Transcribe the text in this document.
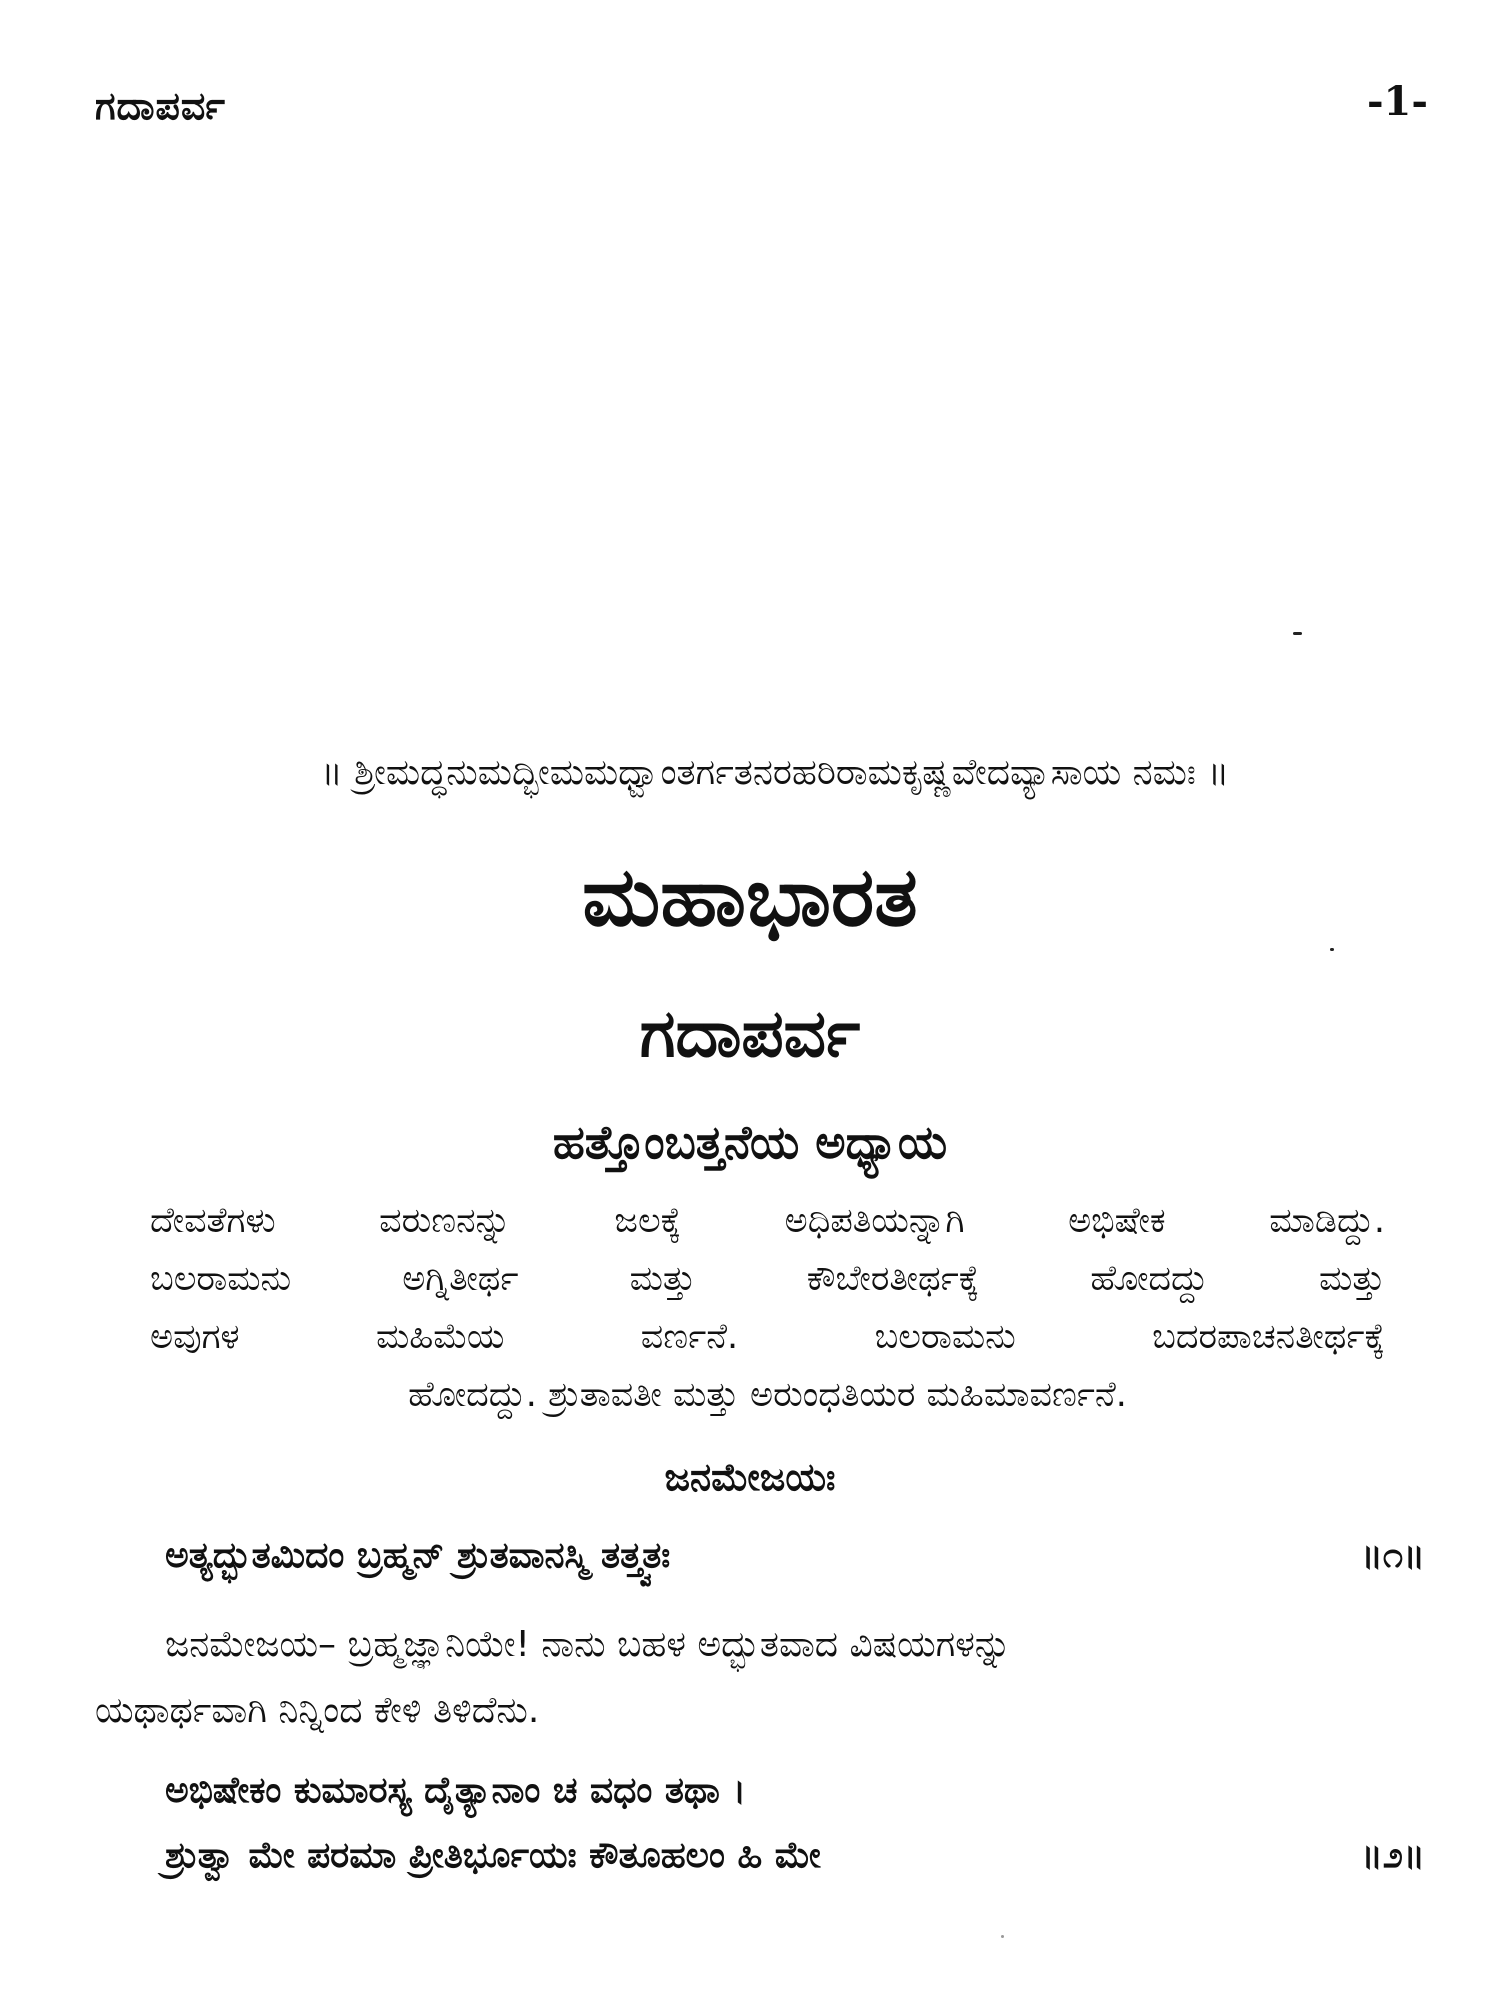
ಗದಾಪರ್ವ	-1-
॥ ಶ್ರೀಮದ್ಧನುಮದ್ಭೀಮಮಧ್ವಾಂತರ್ಗತನರಹರಿರಾಮಕೃಷ್ಣವೇದವ್ಯಾಸಾಯ ನಮಃ ॥
ಮಹಾಭಾರತ
ಗದಾಪರ್ವ
ಹತ್ತೊಂಬತ್ತನೆಯ ಅಧ್ಯಾಯ
ದೇವತೆಗಳು ವರುಣನನ್ನು ಜಲಕ್ಕೆ ಅಧಿಪತಿಯನ್ನಾಗಿ ಅಭಿಷೇಕ ಮಾಡಿದ್ದು.
ಬಲರಾಮನು ಅಗ್ನಿತೀರ್ಥ ಮತ್ತು ಕೌಬೇರತೀರ್ಥಕ್ಕೆ ಹೋದದ್ದು ಮತ್ತು
ಅವುಗಳ ಮಹಿಮೆಯ ವರ್ಣನೆ. ಬಲರಾಮನು ಬದರಪಾಚನತೀರ್ಥಕ್ಕೆ
ಹೋದದ್ದು. ಶ್ರುತಾವತೀ ಮತ್ತು ಅರುಂಧತಿಯರ ಮಹಿಮಾವರ್ಣನೆ.
ಜನಮೇಜಯಃ
ಅತ್ಯದ್ಭುತಮಿದಂ ಬ್ರಹ್ಮನ್ ಶ್ರುತವಾನಸ್ಮಿ ತತ್ತ್ವತಃ	॥೧॥
ಜನಮೇಜಯ– ಬ್ರಹ್ಮಜ್ಞಾನಿಯೇ! ನಾನು ಬಹಳ ಅದ್ಭುತವಾದ ವಿಷಯಗಳನ್ನು
ಯಥಾರ್ಥವಾಗಿ ನಿನ್ನಿಂದ ಕೇಳಿ ತಿಳಿದೆನು.
ಅಭಿಷೇಕಂ ಕುಮಾರಸ್ಯ ದೈತ್ಯಾನಾಂ ಚ ವಧಂ ತಥಾ ।
ಶ್ರುತ್ವಾ ಮೇ ಪರಮಾ ಪ್ರೀತಿರ್ಭೂಯಃ ಕೌತೂಹಲಂ ಹಿ ಮೇ	॥೨॥
